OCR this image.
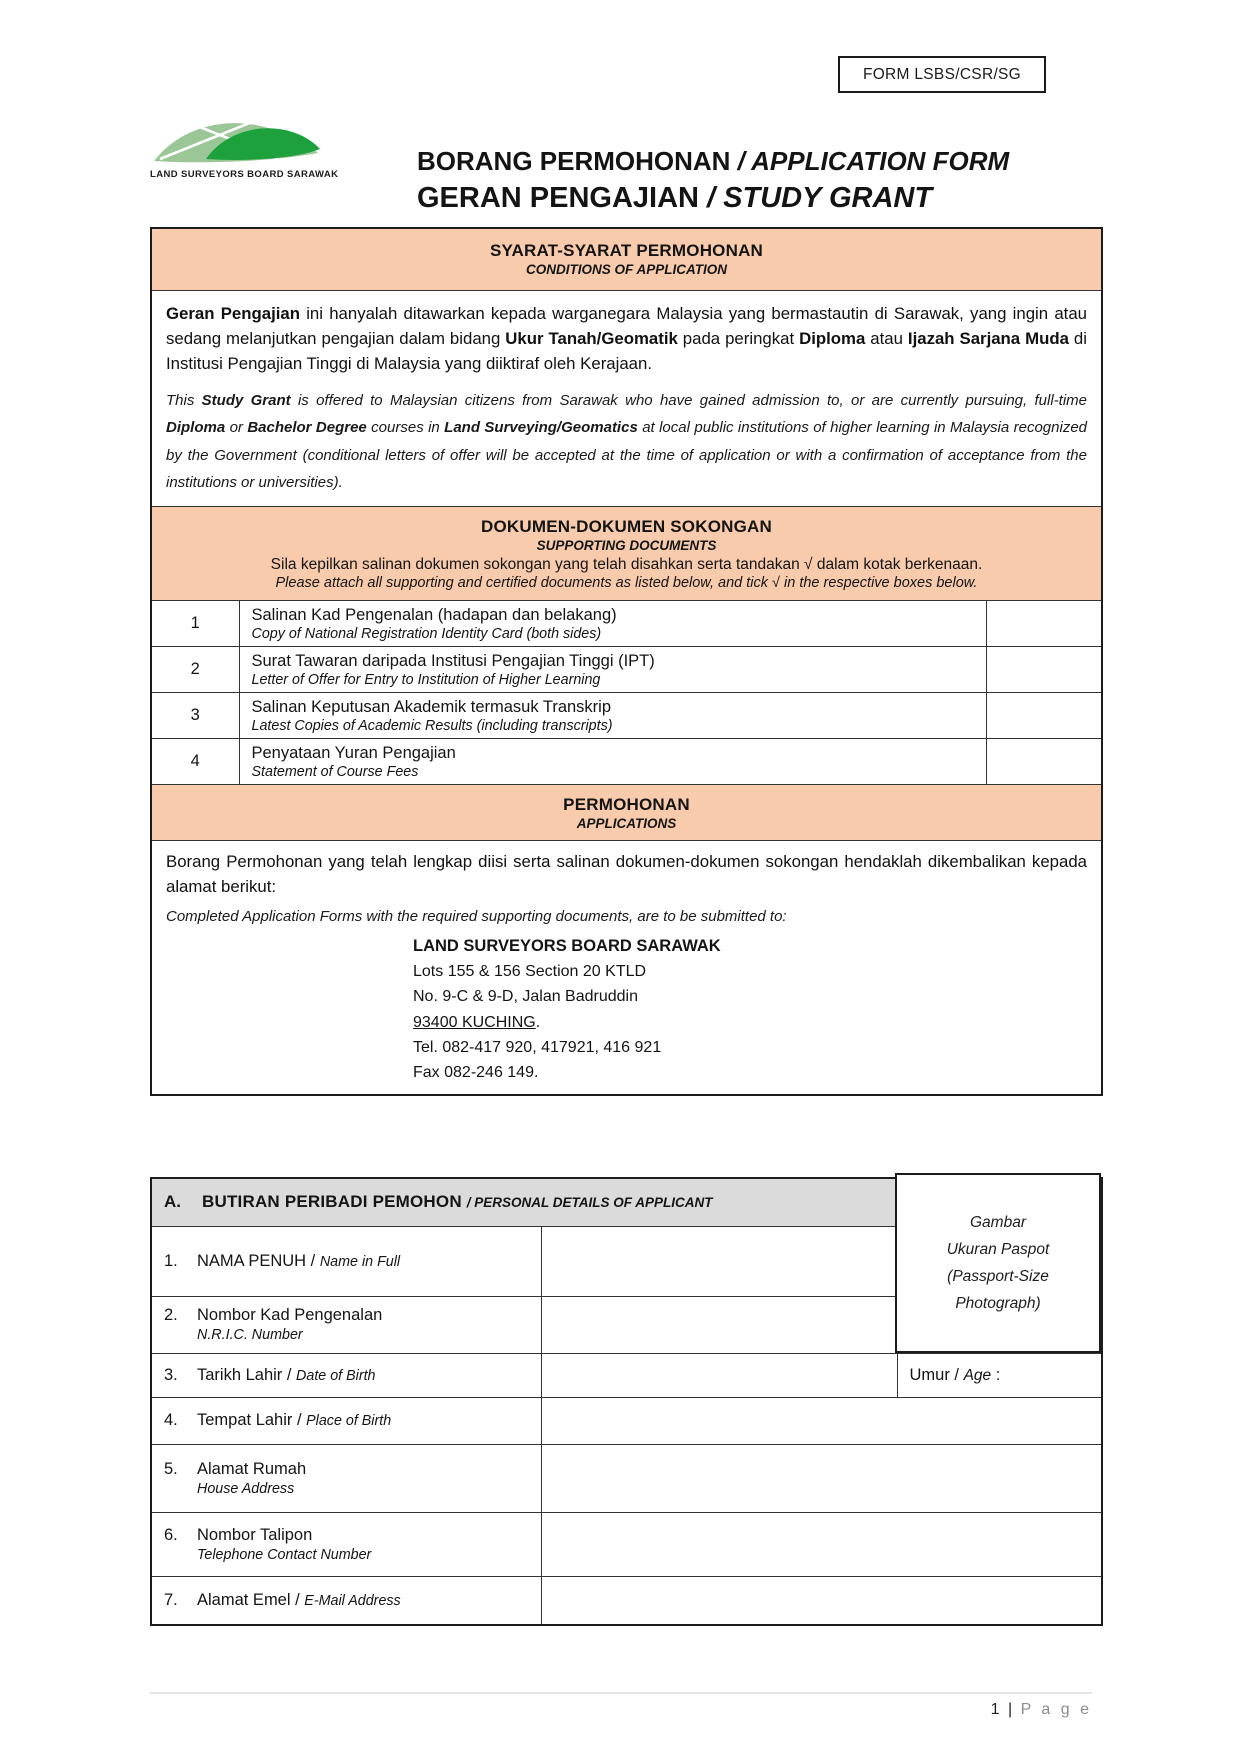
FORM LSBS/CSR/SG
LAND SURVEYORS BOARD SARAWAK	BORANG PERMOHONAN / APPLICATION FORM
GERAN PENGAJIAN / STUDY GRANT
SYARAT-SYARAT PERMOHONAN
CONDITIONS OF APPLICATION		

Geran Pengajian ini hanyalah ditawarkan kepada warganegara Malaysia yang bermastautin di Sarawak, yang ingin atau sedang melanjutkan pengajian dalam bidang Ukur Tanah/Geomatik pada peringkat Diploma atau Ijazah Sarjana Muda di Institusi Pengajian Tinggi di Malaysia yang diiktiraf oleh Kerajaan.

This Study Grant is offered to Malaysian citizens from Sarawak who have gained admission to, or are currently pursuing, full-time Diploma or Bachelor Degree courses in Land Surveying/Geomatics at local public institutions of higher learning in Malaysia recognized by the Government (conditional letters of offer will be accepted at the time of application or with a confirmation of acceptance from the institutions or universities).		

DOKUMEN-DOKUMEN SOKONGAN
SUPPORTING DOCUMENTS
Sila kepilkan salinan dokumen sokongan yang telah disahkan serta tandakan √ dalam kotak berkenaan.
Please attach all supporting and certified documents as listed below, and tick √ in the respective boxes below.		

1	Salinan Kad Pengenalan (hadapan dan belakang)
Copy of National Registration Identity Card (both sides)	

2	Surat Tawaran daripada Institusi Pengajian Tinggi (IPT)
Letter of Offer for Entry to Institution of Higher Learning	

3	Salinan Keputusan Akademik termasuk Transkrip
Latest Copies of Academic Results (including transcripts)	

4	Penyataan Yuran Pengajian
Statement of Course Fees	

PERMOHONAN
APPLICATIONS		

Borang Permohonan yang telah lengkap diisi serta salinan dokumen-dokumen sokongan hendaklah dikembalikan kepada alamat berikut:

Completed Application Forms with the required supporting documents, are to be submitted to:

LAND SURVEYORS BOARD SARAWAK
Lots 155 & 156 Section 20 KTLD
No. 9-C & 9-D, Jalan Badruddin
93400 KUCHING.
Tel. 082-417 920, 417921, 416 921
Fax 082-246 149.
A. BUTIRAN PERIBADI PEMOHON / PERSONAL DETAILS OF APPLICANT		
1. NAMA PENUH / Name in Full		

2. Nombor Kad Pengenalan
N.R.I.C. Number		

3. Tarikh Lahir / Date of Birth		Umur / Age :
4. Tempat Lahir / Place of Birth		

5. Alamat Rumah
House Address		

6. Nombor Talipon
Telephone Contact Number		

7. Alamat Emel / E-Mail Address		
Gambar
Ukuran Paspot
(Passport-Size
Photograph)
1 | P a g e
